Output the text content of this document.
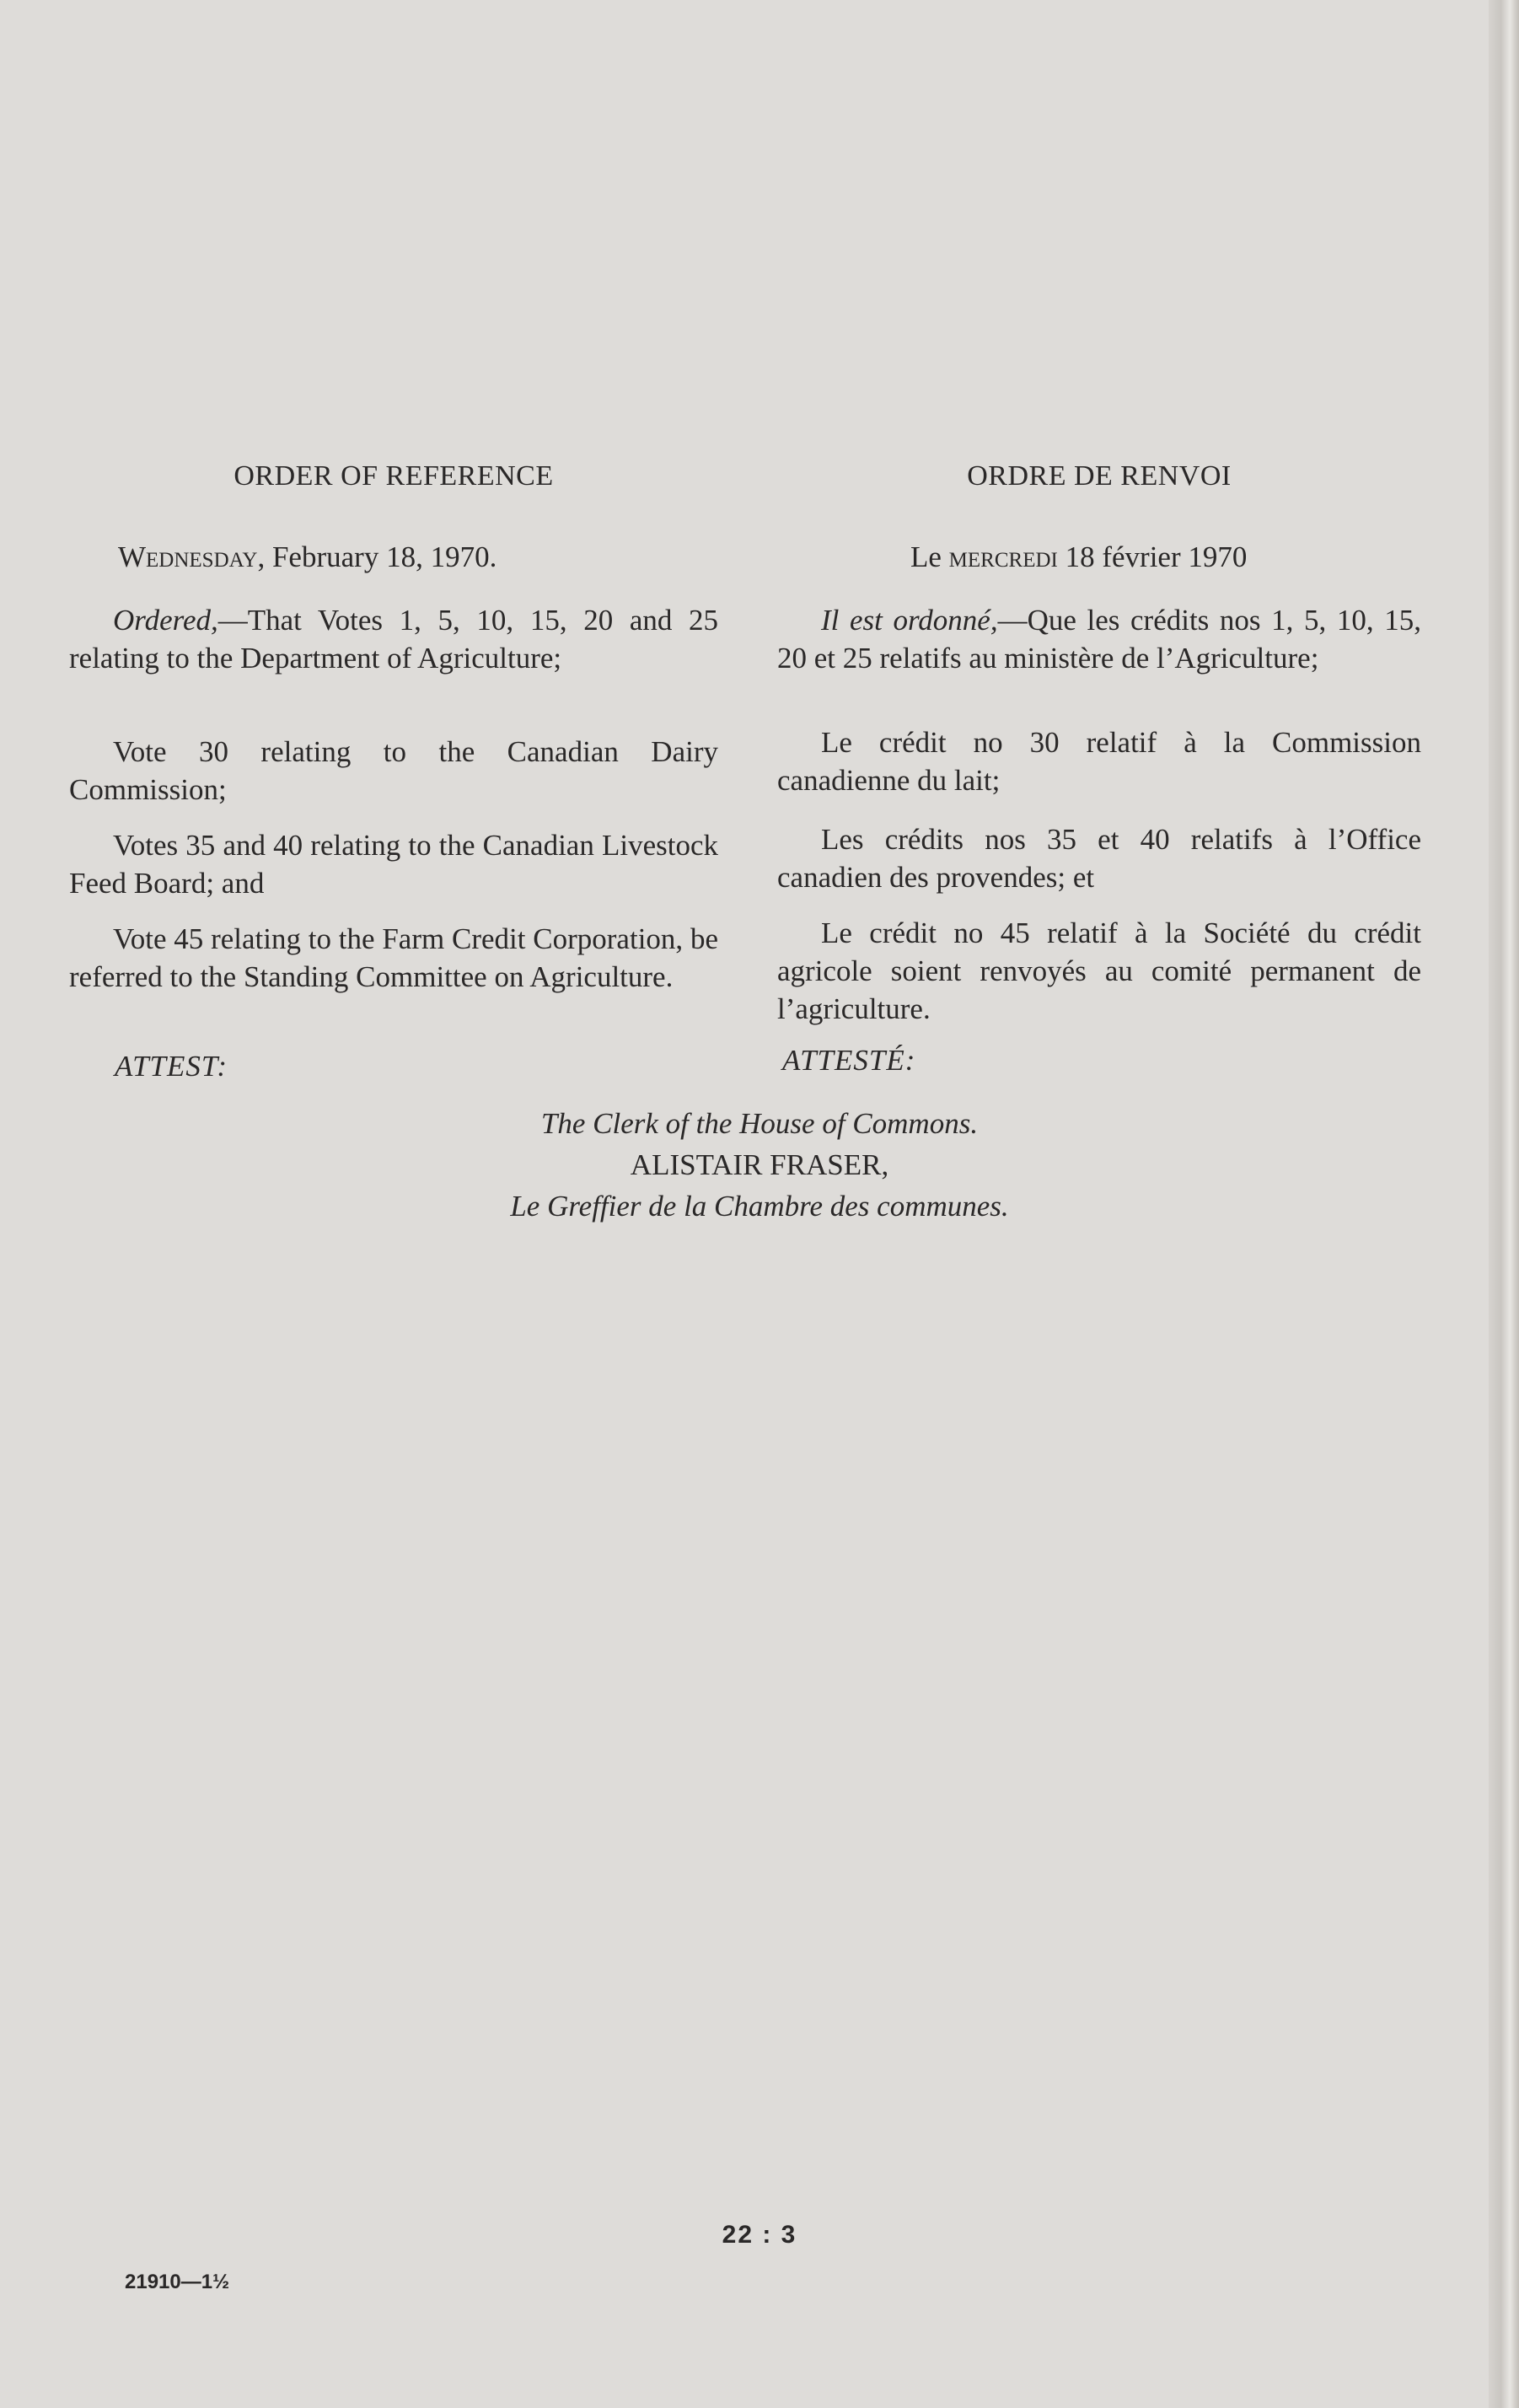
ORDER OF REFERENCE	ORDRE DE RENVOI
Wednesday, February 18, 1970.	Le mercredi 18 février 1970
Ordered,—That Votes 1, 5, 10, 15, 20 and 25 relating to the Department of Agriculture;
Vote 30 relating to the Canadian Dairy Commission;
Votes 35 and 40 relating to the Canadian Livestock Feed Board; and
Vote 45 relating to the Farm Credit Corporation, be referred to the Standing Committee on Agriculture.
ATTEST:
Il est ordonné,—Que les crédits nos 1, 5, 10, 15, 20 et 25 relatifs au ministère de l’Agriculture;
Le crédit no 30 relatif à la Commission canadienne du lait;
Les crédits nos 35 et 40 relatifs à l’Office canadien des provendes; et
Le crédit no 45 relatif à la Société du crédit agricole soient renvoyés au comité permanent de l’agriculture.
ATTESTÉ:
The Clerk of the House of Commons.
ALISTAIR FRASER,
Le Greffier de la Chambre des communes.
22 : 3
21910—1½
